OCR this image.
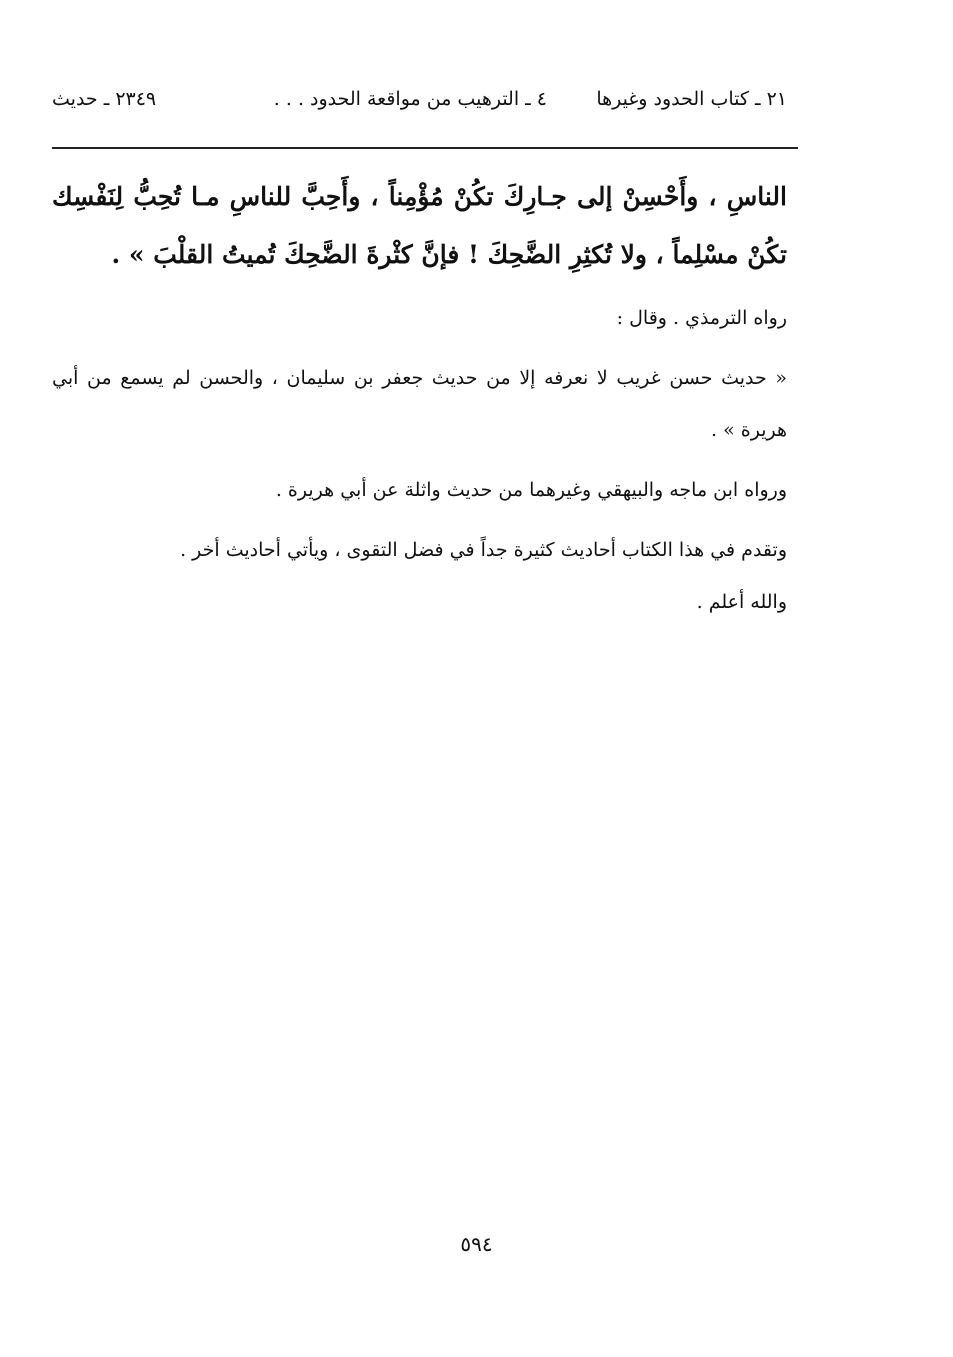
٢١ ـ كتاب الحدود وغيرها
٤ ـ الترهيب من مواقعة الحدود . . .
٢٣٤٩ ـ حديث

الناسِ ، وأَحْسِنْ إلى جـارِكَ تكُنْ مُؤْمِناً ، وأَحِبَّ للناسِ مـا تُحِبُّ لِنَفْسِك تكُنْ مسْلِماً ، ولا تُكثِرِ الضَّحِكَ ! فإنَّ كثْرةَ الضَّحِكَ تُميتُ القلْبَ » .

رواه الترمذي . وقال :

« حديث حسن غريب لا نعرفه إلا من حديث جعفر بن سليمان ، والحسن لم يسمع من أبي هريرة » .

ورواه ابن ماجه والبيهقي وغيرهما من حديث واثلة عن أبي هريرة .

وتقدم في هذا الكتاب أحاديث كثيرة جداً في فضل التقوى ، ويأتي أحاديث أخر .

والله أعلم .

٥٩٤
